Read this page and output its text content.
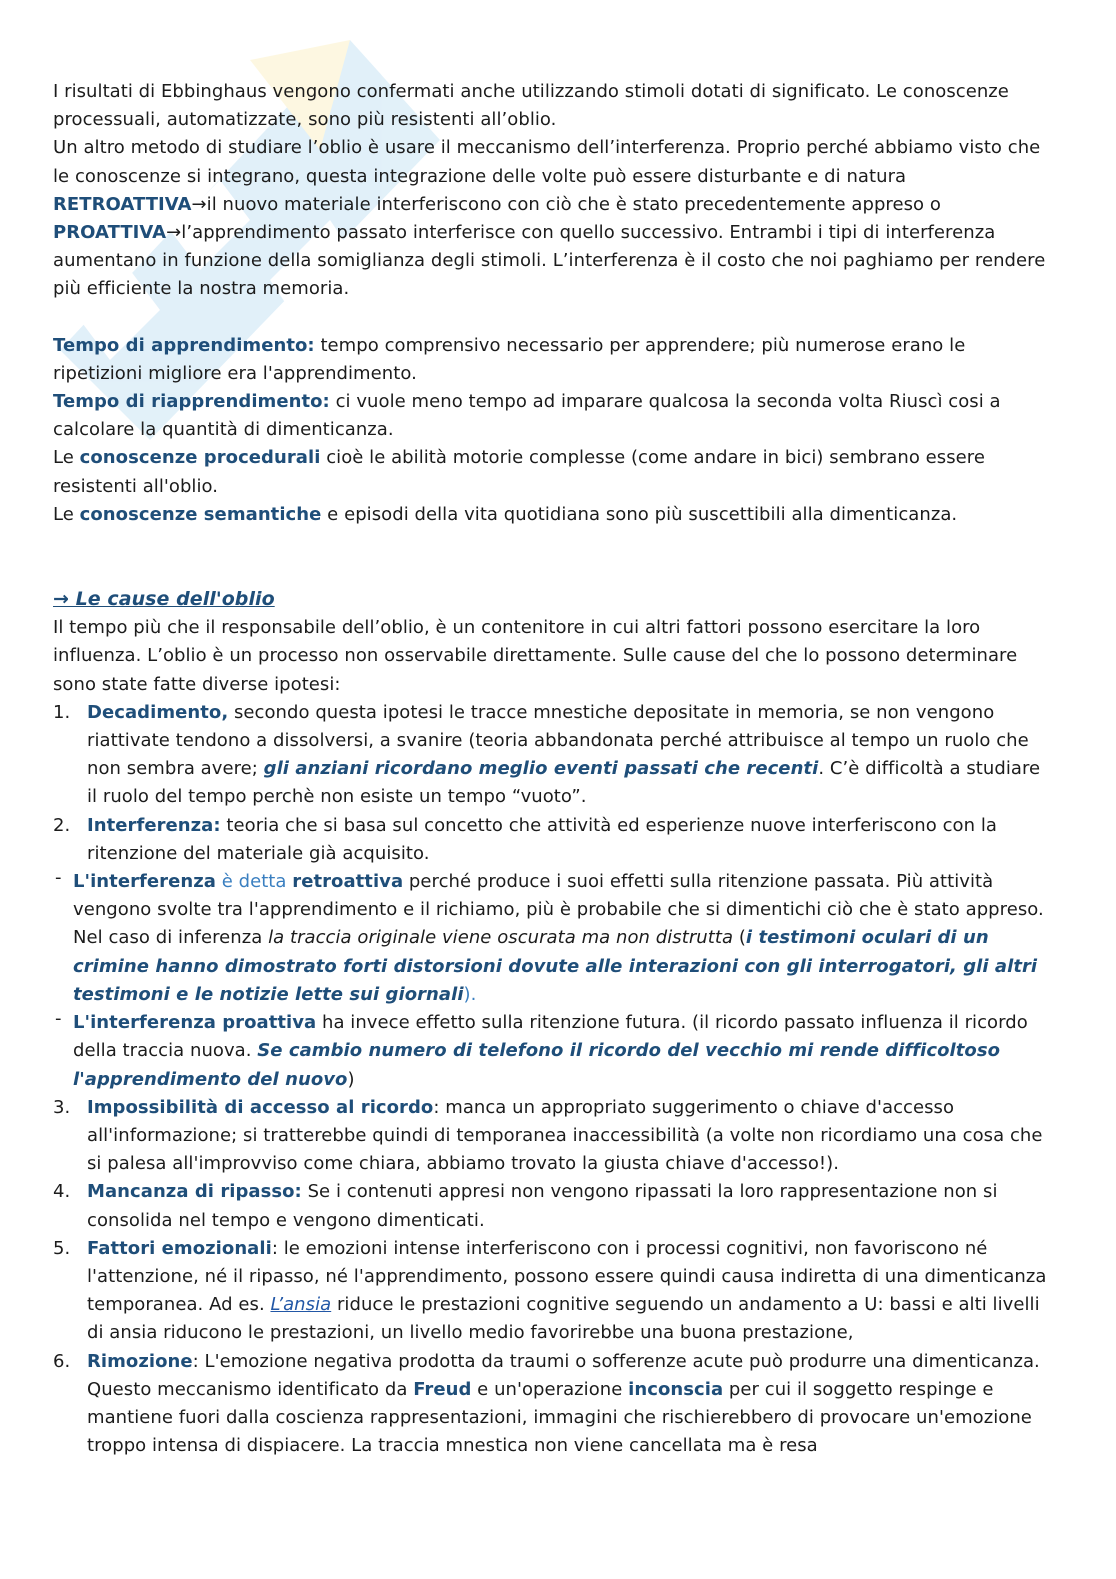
I risultati di Ebbinghaus vengono confermati anche utilizzando stimoli dotati di significato. Le conoscenze processuali, automatizzate, sono più resistenti all’oblio.

Un altro metodo di studiare l’oblio è usare il meccanismo dell’interferenza. Proprio perché abbiamo visto che le conoscenze si integrano, questa integrazione delle volte può essere disturbante e di natura RETROATTIVA→il nuovo materiale interferiscono con ciò che è stato precedentemente appreso o PROATTIVA→l’apprendimento passato interferisce con quello successivo. Entrambi i tipi di interferenza aumentano in funzione della somiglianza degli stimoli. L’interferenza è il costo che noi paghiamo per rendere più efficiente la nostra memoria.

Tempo di apprendimento: tempo comprensivo necessario per apprendere; più numerose erano le ripetizioni migliore era l'apprendimento.

Tempo di riapprendimento: ci vuole meno tempo ad imparare qualcosa la seconda volta Riuscì cosi a calcolare la quantità di dimenticanza.

Le conoscenze procedurali cioè le abilità motorie complesse (come andare in bici) sembrano essere resistenti all'oblio.

Le conoscenze semantiche e episodi della vita quotidiana sono più suscettibili alla dimenticanza.

→ Le cause dell'oblio

Il tempo più che il responsabile dell’oblio, è un contenitore in cui altri fattori possono esercitare la loro influenza. L’oblio è un processo non osservabile direttamente. Sulle cause del che lo possono determinare sono state fatte diverse ipotesi:

1. Decadimento, secondo questa ipotesi le tracce mnestiche depositate in memoria, se non vengono riattivate tendono a dissolversi, a svanire (teoria abbandonata perché attribuisce al tempo un ruolo che non sembra avere; gli anziani ricordano meglio eventi passati che recenti. C’è difficoltà a studiare il ruolo del tempo perchè non esiste un tempo “vuoto”.
2. Interferenza: teoria che si basa sul concetto che attività ed esperienze nuove interferiscono con la ritenzione del materiale già acquisito.
- L'interferenza è detta retroattiva perché produce i suoi effetti sulla ritenzione passata. Più attività vengono svolte tra l'apprendimento e il richiamo, più è probabile che si dimentichi ciò che è stato appreso. Nel caso di inferenza la traccia originale viene oscurata ma non distrutta (i testimoni oculari di un crimine hanno dimostrato forti distorsioni dovute alle interazioni con gli interrogatori, gli altri testimoni e le notizie lette sui giornali).
- L'interferenza proattiva ha invece effetto sulla ritenzione futura. (il ricordo passato influenza il ricordo della traccia nuova. Se cambio numero di telefono il ricordo del vecchio mi rende difficoltoso l'apprendimento del nuovo)
3. Impossibilità di accesso al ricordo: manca un appropriato suggerimento o chiave d'accesso all'informazione; si tratterebbe quindi di temporanea inaccessibilità (a volte non ricordiamo una cosa che si palesa all'improvviso come chiara, abbiamo trovato la giusta chiave d'accesso!).
4. Mancanza di ripasso: Se i contenuti appresi non vengono ripassati la loro rappresentazione non si consolida nel tempo e vengono dimenticati.
5. Fattori emozionali: le emozioni intense interferiscono con i processi cognitivi, non favoriscono né l'attenzione, né il ripasso, né l'apprendimento, possono essere quindi causa indiretta di una dimenticanza temporanea. Ad es. L’ansia riduce le prestazioni cognitive seguendo un andamento a U: bassi e alti livelli di ansia riducono le prestazioni, un livello medio favorirebbe una buona prestazione,
6. Rimozione: L'emozione negativa prodotta da traumi o sofferenze acute può produrre una dimenticanza. Questo meccanismo identificato da Freud e un'operazione inconscia per cui il soggetto respinge e mantiene fuori dalla coscienza rappresentazioni, immagini che rischierebbero di provocare un'emozione troppo intensa di dispiacere. La traccia mnestica non viene cancellata ma è resa
